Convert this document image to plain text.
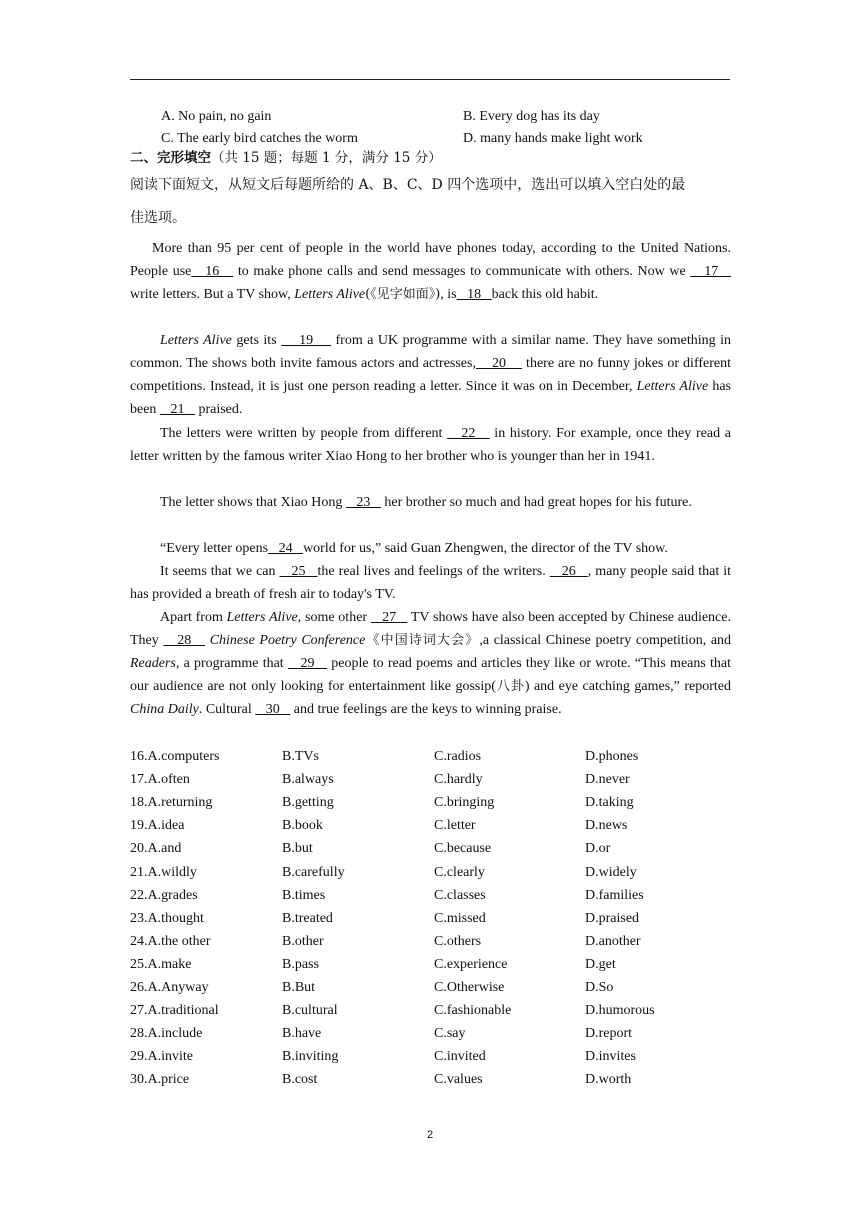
A. No pain, no gain	B. Every dog has its day
C. The early bird catches the worm	D. many hands make light work
二、完形填空（共 15 题；每题 1 分，满分 15 分）
阅读下面短文，从短文后每题所给的 A、B、C、D 四个选项中，选出可以填入空白处的最
佳选项。

More than 95 per cent of people in the world have phones today, according to the United Nations. People use   16    to make phone calls and send messages to communicate with others. Now we    17    write letters. But a TV show, Letters Alive(《见字如面》), is   18   back this old habit.

Letters Alive gets its     19     from a UK programme with a similar name. They have something in common. The shows both invite famous actors and actresses,    20     there are no funny jokes or different competitions. Instead, it is just one person reading a letter. Since it was on in December, Letters Alive has been    21    praised.

The letters were written by people from different    22    in history. For example, once they read a letter written by the famous writer Xiao Hong to her brother who is younger than her in 1941.

The letter shows that Xiao Hong    23    her brother so much and had great hopes for his future.

“Every letter opens   24   world for us,” said Guan Zhengwen, the director of the TV show.

It seems that we can    25   the real lives and feelings of the writers.    26   , many people said that it has provided a breath of fresh air to today's TV.

Apart from Letters Alive, some other    27    TV shows have also been accepted by Chinese audience. They    28    Chinese Poetry Conference《中国诗词大会》,a classical Chinese poetry competition, and Readers, a programme that    29    people to read poems and articles they like or wrote. “This means that our audience are not only looking for entertainment like gossip(八卦) and eye catching games,” reported China Daily. Cultural    30    and true feelings are the keys to winning praise.

16.A.computers	B.TVs	C.radios	D.phones
17.A.often	B.always	C.hardly	D.never
18.A.returning	B.getting	C.bringing	D.taking
19.A.idea	B.book	C.letter	D.news
20.A.and	B.but	C.because	D.or
21.A.wildly	B.carefully	C.clearly	D.widely
22.A.grades	B.times	C.classes	D.families
23.A.thought	B.treated	C.missed	D.praised
24.A.the other	B.other	C.others	D.another
25.A.make	B.pass	C.experience	D.get
26.A.Anyway	B.But	C.Otherwise	D.So
27.A.traditional	B.cultural	C.fashionable	D.humorous
28.A.include	B.have	C.say	D.report
29.A.invite	B.inviting	C.invited	D.invites
30.A.price	B.cost	C.values	D.worth
2
